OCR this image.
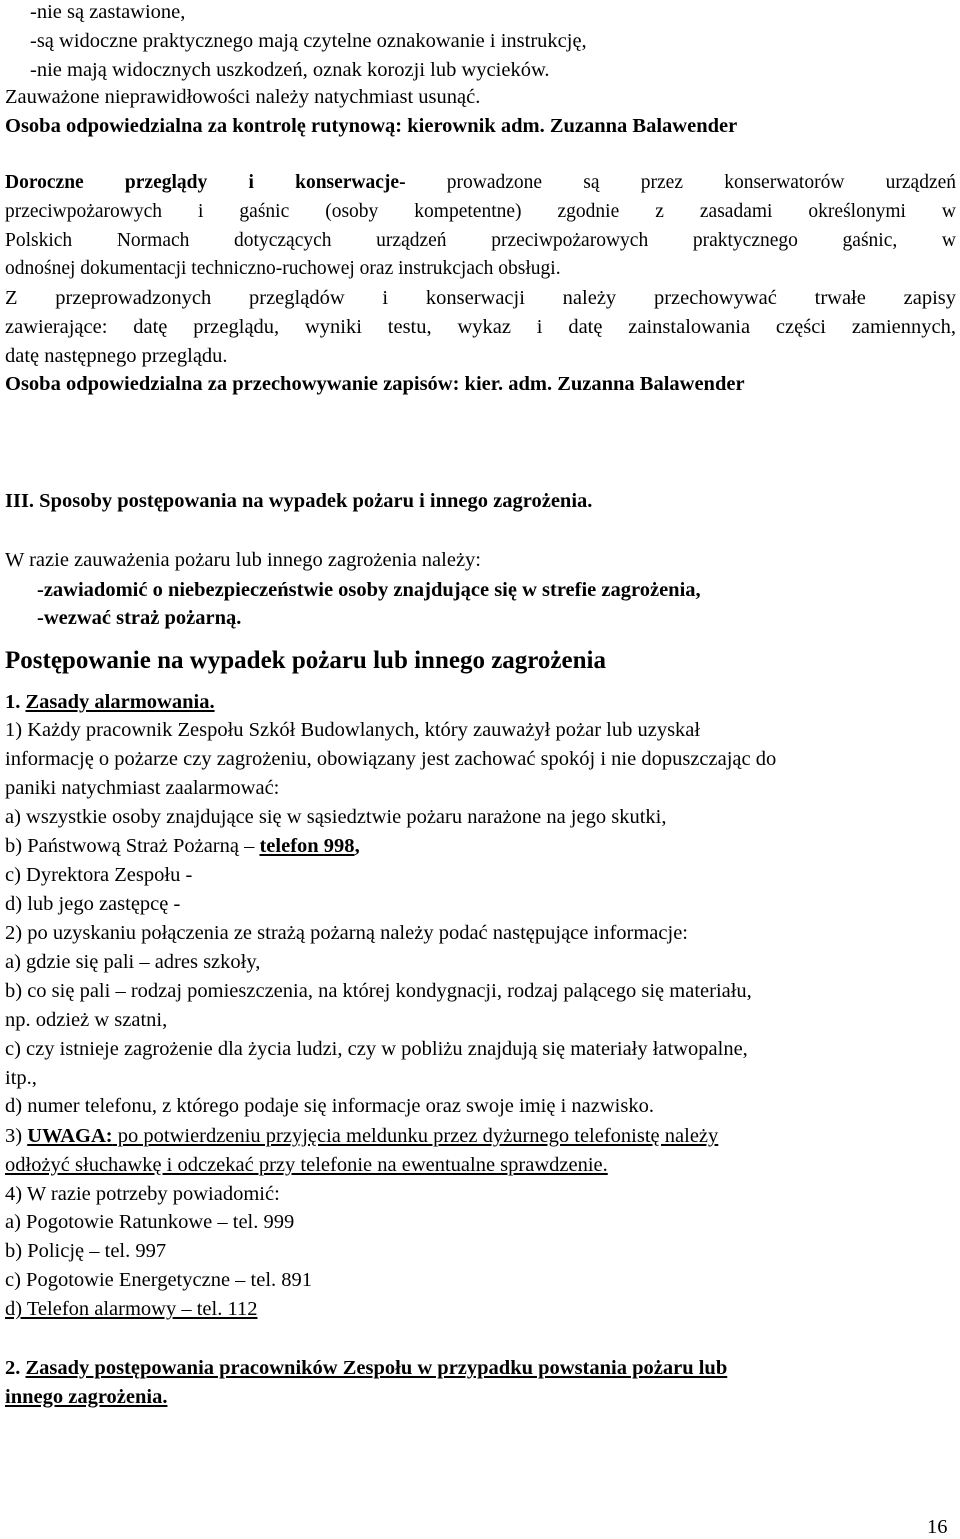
-nie są zastawione,

-są widoczne praktycznego mają czytelne oznakowanie i instrukcję,

-nie mają widocznych uszkodzeń, oznak korozji lub wycieków.

Zauważone nieprawidłowości należy natychmiast usunąć.

Osoba odpowiedzialna za kontrolę rutynową: kierownik adm. Zuzanna Balawender

Doroczne przeglądy i konserwacje- prowadzone są przez konserwatorów urządzeń

przeciwpożarowych i gaśnic (osoby kompetentne) zgodnie z zasadami określonymi w

Polskich Normach dotyczących urządzeń przeciwpożarowych praktycznego gaśnic, w

odnośnej dokumentacji techniczno-ruchowej oraz instrukcjach obsługi.

Z przeprowadzonych przeglądów i konserwacji należy przechowywać trwałe zapisy

zawierające: datę przeglądu, wyniki testu, wykaz i datę zainstalowania części zamiennych,

datę następnego przeglądu.

Osoba odpowiedzialna za przechowywanie zapisów: kier. adm. Zuzanna Balawender

III. Sposoby postępowania na wypadek pożaru i innego zagrożenia.

W razie zauważenia pożaru lub innego zagrożenia należy:

-zawiadomić o niebezpieczeństwie osoby znajdujące się w strefie zagrożenia,

-wezwać straż pożarną.

Postępowanie na wypadek pożaru lub innego zagrożenia

1. Zasady alarmowania.

1) Każdy pracownik Zespołu Szkół Budowlanych, który zauważył pożar lub uzyskał

informację o pożarze czy zagrożeniu, obowiązany jest zachować spokój i nie dopuszczając do

paniki natychmiast zaalarmować:

a) wszystkie osoby znajdujące się w sąsiedztwie pożaru narażone na jego skutki,

b) Państwową Straż Pożarną – telefon 998,

c) Dyrektora Zespołu -

d) lub jego zastępcę -

2) po uzyskaniu połączenia ze strażą pożarną należy podać następujące informacje:

a) gdzie się pali – adres szkoły,

b) co się pali – rodzaj pomieszczenia, na której kondygnacji, rodzaj palącego się materiału,

np. odzież w szatni,

c) czy istnieje zagrożenie dla życia ludzi, czy w pobliżu znajdują się materiały łatwopalne,

itp.,

d) numer telefonu, z którego podaje się informacje oraz swoje imię i nazwisko.

3) UWAGA: po potwierdzeniu przyjęcia meldunku przez dyżurnego telefonistę należy

odłożyć słuchawkę i odczekać przy telefonie na ewentualne sprawdzenie.

4) W razie potrzeby powiadomić:

a) Pogotowie Ratunkowe – tel. 999

b) Policję – tel. 997

c) Pogotowie Energetyczne – tel. 891

d) Telefon alarmowy – tel. 112

2. Zasady postępowania pracowników Zespołu w przypadku powstania pożaru lub

innego zagrożenia.

16
